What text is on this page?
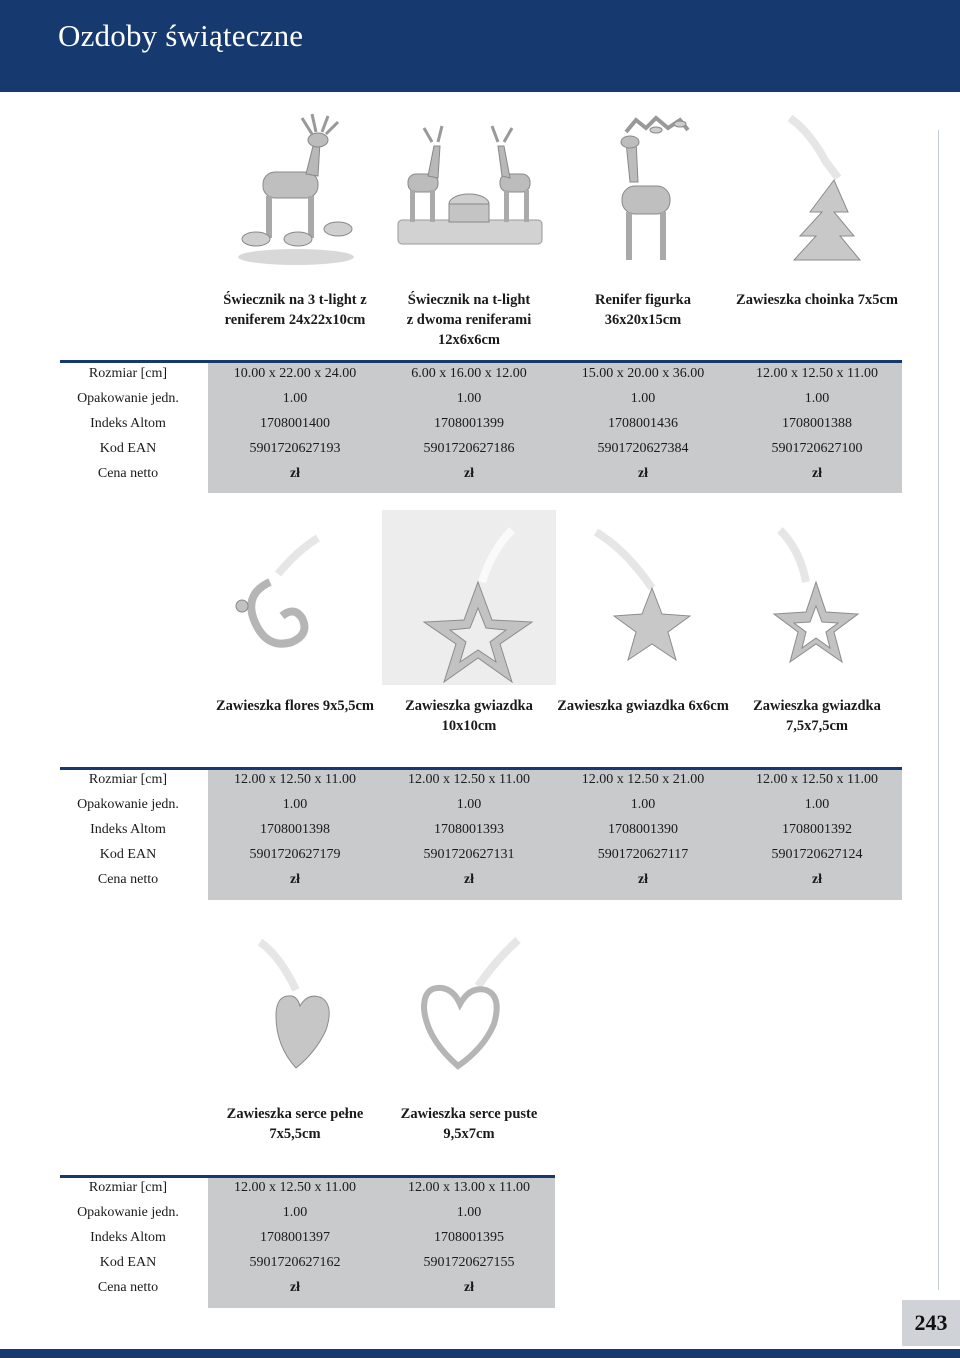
Ozdoby świąteczne
Świecznik na 3 t-light z
reniferem 24x22x10cm
Świecznik na t-light
z dwoma reniferami
12x6x6cm
Renifer figurka
36x20x15cm
Zawieszka choinka 7x5cm
Rozmiar [cm]
Opakowanie jedn.
Indeks Altom
Kod EAN
Cena netto
10.00 x 22.00 x 24.00
1.00
1708001400
5901720627193
zł
6.00 x 16.00 x 12.00
1.00
1708001399
5901720627186
zł
15.00 x 20.00 x 36.00
1.00
1708001436
5901720627384
zł
12.00 x 12.50 x 11.00
1.00
1708001388
5901720627100
zł
Zawieszka flores 9x5,5cm	Zawieszka gwiazdka
10x10cm
Zawieszka gwiazdka 6x6cm	Zawieszka gwiazdka
7,5x7,5cm
Rozmiar [cm]
Opakowanie jedn.
Indeks Altom
Kod EAN
Cena netto
12.00 x 12.50 x 11.00
1.00
1708001398
5901720627179
zł
12.00 x 12.50 x 11.00
1.00
1708001393
5901720627131
zł
12.00 x 12.50 x 21.00
1.00
1708001390
5901720627117
zł
12.00 x 12.50 x 11.00
1.00
1708001392
5901720627124
zł
Zawieszka serce pełne
7x5,5cm
Zawieszka serce puste
9,5x7cm
Rozmiar [cm]
Opakowanie jedn.
Indeks Altom
Kod EAN
Cena netto
12.00 x 12.50 x 11.00
1.00
1708001397
5901720627162
zł
12.00 x 13.00 x 11.00
1.00
1708001395
5901720627155
zł
243
